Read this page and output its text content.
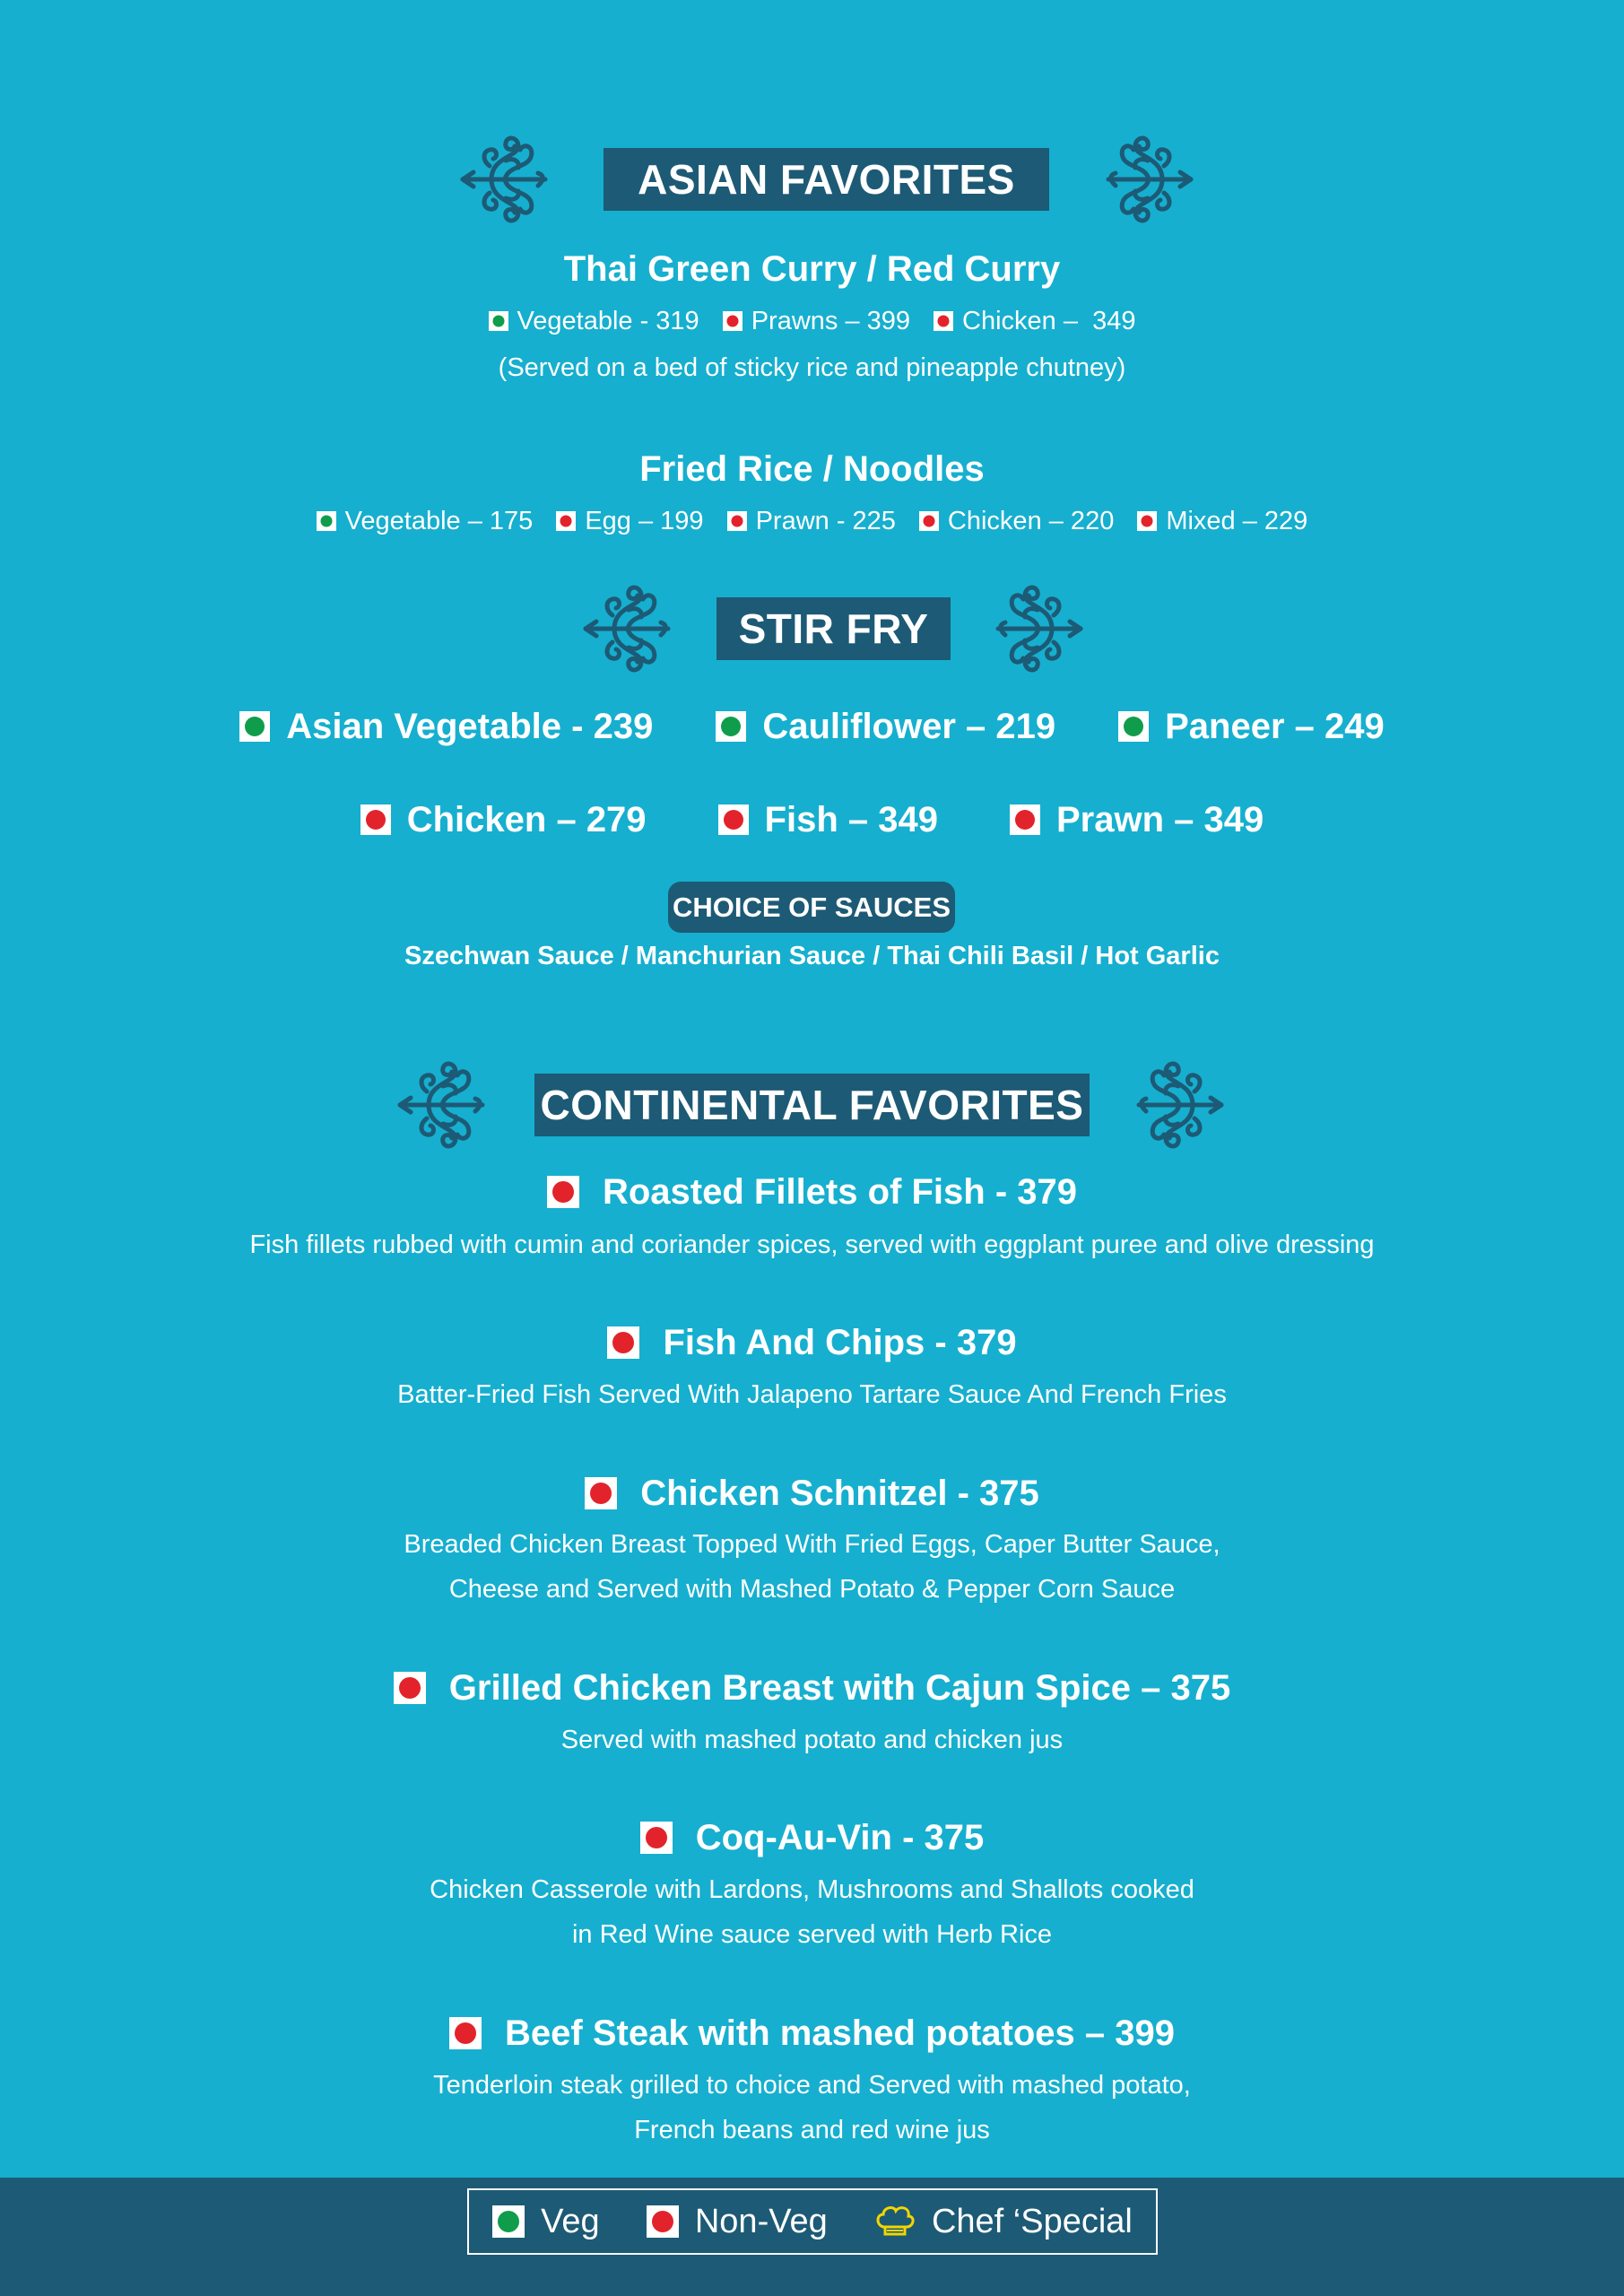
ASIAN FAVORITES
Thai Green Curry / Red Curry
Vegetable - 319 Prawns – 399 Chicken –  349
(Served on a bed of sticky rice and pineapple chutney)
Fried Rice / Noodles
Vegetable – 175 Egg – 199 Prawn - 225 Chicken – 220 Mixed – 229
STIR FRY
Asian Vegetable - 239	Cauliflower – 219	Paneer – 249
Chicken – 279	Fish – 349	Prawn – 349
CHOICE OF SAUCES
Szechwan Sauce / Manchurian Sauce / Thai Chili Basil / Hot Garlic
CONTINENTAL FAVORITES
Roasted Fillets of Fish - 379
Fish fillets rubbed with cumin and coriander spices, served with eggplant puree and olive dressing
Fish And Chips - 379
Batter-Fried Fish Served With Jalapeno Tartare Sauce And French Fries
Chicken Schnitzel - 375
Breaded Chicken Breast Topped With Fried Eggs, Caper Butter Sauce,
Cheese and Served with Mashed Potato & Pepper Corn Sauce
Grilled Chicken Breast with Cajun Spice – 375
Served with mashed potato and chicken jus
Coq-Au-Vin - 375
Chicken Casserole with Lardons, Mushrooms and Shallots cooked
in Red Wine sauce served with Herb Rice
Beef Steak with mashed potatoes – 399
Tenderloin steak grilled to choice and Served with mashed potato,
French beans and red wine jus
Veg	Non-Veg	Chef ‘Special
